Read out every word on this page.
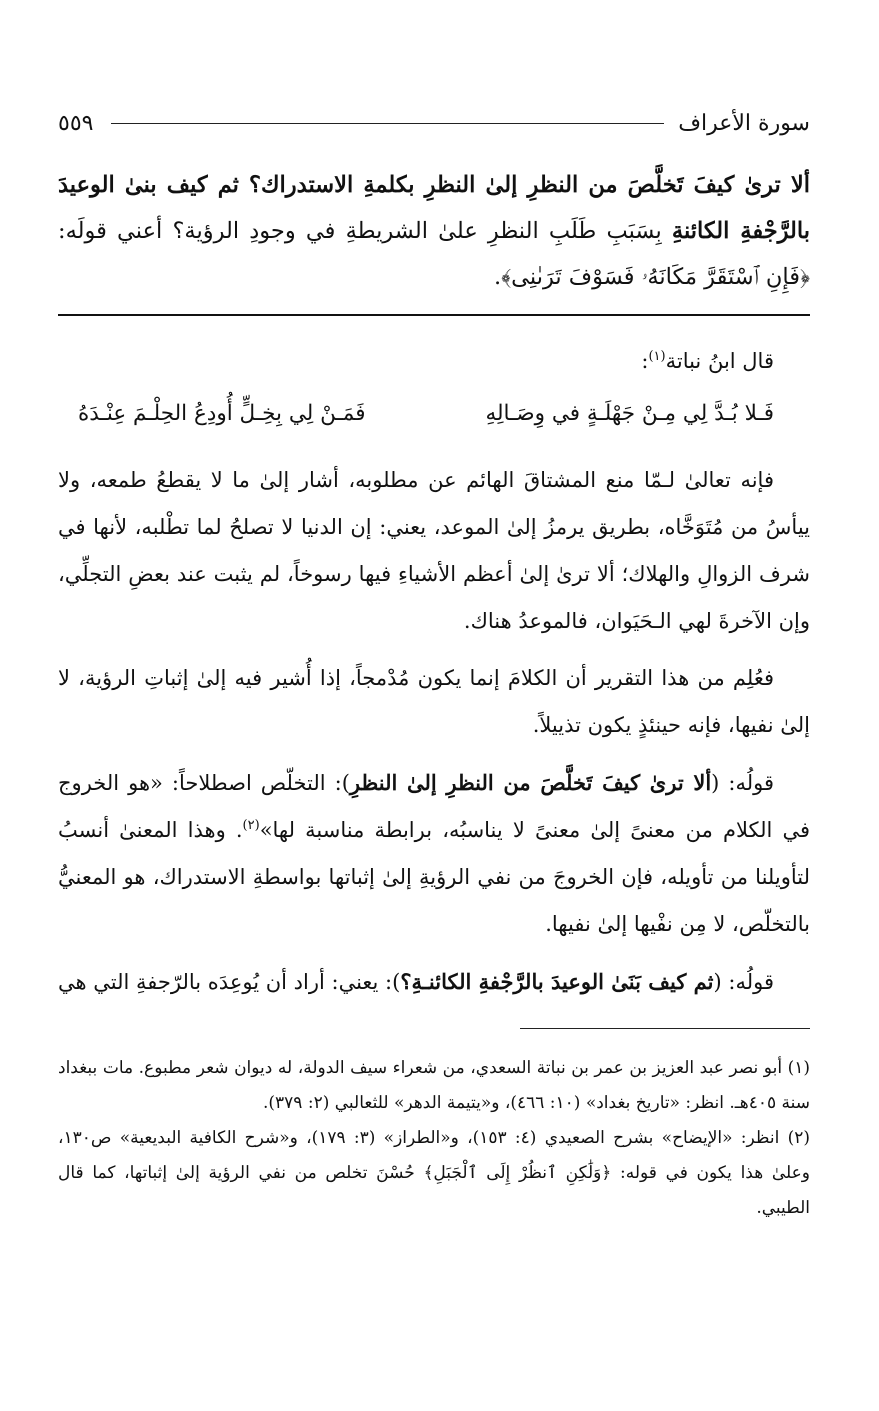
سورة الأعراف
٥٥٩
ألا ترىٰ كيفَ تَخلَّصَ من النظرِ إلىٰ النظرِ بكلمةِ الاستدراك؟ ثم كيف بنىٰ الوعيدَ بالرَّجْفةِ الكائنةِ بِسَبَبِ طَلَبِ النظرِ علىٰ الشريطةِ في وجودِ الرؤية؟ أعني قولَه: ﴿فَإِنِ ٱسْتَقَرَّ مَكَانَهُۥ فَسَوْفَ تَرَىٰنِى﴾.

قال ابنُ نباتة$^{(١)}$:

فَـلا بُـدَّ لِي مِـنْ جَهْلَـةٍ في وِصَـالِهِ
فَمَـنْ لِي بِخِـلٍّ أُودِعُ الحِلْـمَ عِنْـدَهُ

فإنه تعالىٰ لـمّا منع المشتاقَ الهائم عن مطلوبه، أشار إلىٰ ما لا يقطعُ طمعه، ولا ييأسُ من مُتَوَخَّاه، بطريق يرمزُ إلىٰ الموعد، يعني: إن الدنيا لا تصلحُ لما تطْلبه، لأنها في شرف الزوالِ والهلاك؛ ألا ترىٰ إلىٰ أعظم الأشياءِ فيها رسوخاً، لم يثبت عند بعضِ التجلِّي، وإن الآخرةَ لهي الـحَيَوان، فالموعدُ هناك.

فعُلِم من هذا التقرير أن الكلامَ إنما يكون مُدْمجاً، إذا أُشير فيه إلىٰ إثباتِ الرؤية، لا إلىٰ نفيها، فإنه حينئذٍ يكون تذييلاً.

قولُه: (ألا ترىٰ كيفَ تَخلَّصَ من النظرِ إلىٰ النظرِ): التخلّص اصطلاحاً: «هو الخروج في الكلام من معنىً إلىٰ معنىً لا يناسبُه، برابطة مناسبة لها»$^{(٢)}$. وهذا المعنىٰ أنسبُ لتأويلنا من تأويله، فإن الخروجَ من نفي الرؤيةِ إلىٰ إثباتها بواسطةِ الاستدراك، هو المعنيُّ بالتخلّص، لا مِن نفْيها إلىٰ نفيها.

قولُه: (ثم كيف بَنَىٰ الوعيدَ بالرَّجْفةِ الكائنـةِ؟): يعني: أراد أن يُوعِدَه بالرّجفةِ التي هي

(١) أبو نصر عبد العزيز بن عمر بن نباتة السعدي، من شعراء سيف الدولة، له ديوان شعر مطبوع. مات ببغداد سنة ٤٠٥هـ. انظر: «تاريخ بغداد» (١٠: ٤٦٦)، و«يتيمة الدهر» للثعالبي (٢: ٣٧٩).

(٢) انظر: «الإيضاح» بشرح الصعيدي (٤: ١٥٣)، و«الطراز» (٣: ١٧٩)، و«شرح الكافية البديعية» ص١٣٠، وعلىٰ هذا يكون في قوله: ﴿وَلَٰكِنِ ٱنظُرْ إِلَى ٱلْجَبَلِ﴾ حُسْنَ تخلص من نفي الرؤية إلىٰ إثباتها، كما قال الطيبي.
